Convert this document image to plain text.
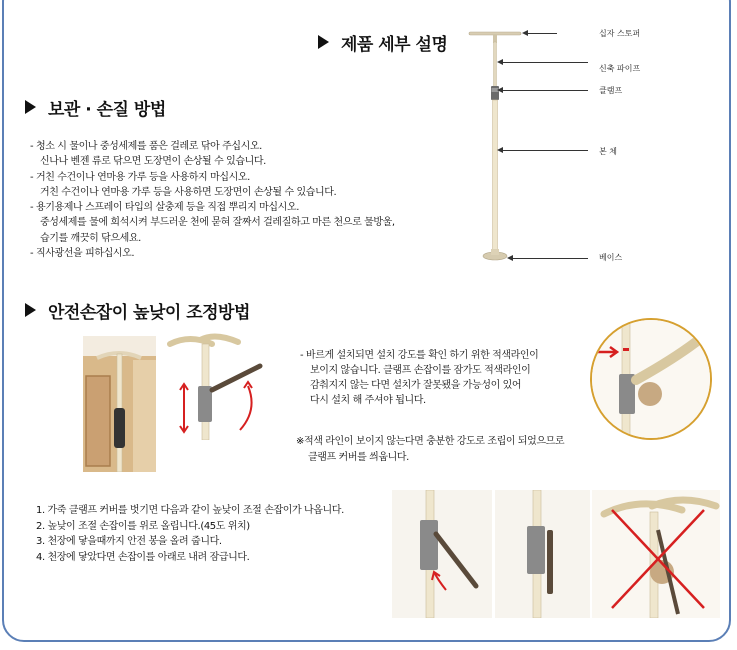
제품 세부 설명
십자 스토퍼
신축 파이프
클램프
본 체
베이스
보관 · 손질 방법
- 청소 시 물이나 중성세제를 품은 걸레로 닦아 주십시오.
신나나 벤젠 류로 닦으면 도장면이 손상될 수 있습니다.
- 거친 수건이나 연마용 가루 등을 사용하지 마십시오.
거친 수건이나 연마용 가루 등을 사용하면 도장면이 손상될 수 있습니다.
- 용기용제나 스프레이 타입의 살충제 등을 직접 뿌리지 마십시오.
중성세제를 물에 희석시켜 부드러운 천에 묻혀 잘짜서 걸레질하고 마른 천으로 물방울,
습기를 깨끗히 닦으세요.
- 직사광선을 피하십시오.
안전손잡이 높낮이 조정방법
- 바르게 설치되면 설치 강도를 확인 하기 위한 적색라인이
보이지 않습니다. 클램프 손잡이를 잠가도 적색라인이
감춰지지 않는 다면 설치가 잘못됐을 가능성이 있어
다시 설치 해 주셔야 됩니다.
※적색 라인이 보이지 않는다면 충분한 강도로 조립이 되었으므로
클램프 커버를 씌웁니다.
1. 가죽 클램프 커버를 벗기면 다음과 같이 높낮이 조절 손잡이가 나옵니다.
2. 높낮이 조절 손잡이를 위로 올립니다.(45도 위치)
3. 천장에 닿을때까지 안전 봉을 올려 줍니다.
4. 천장에 닿았다면 손잡이를 아래로 내려 잠급니다.
